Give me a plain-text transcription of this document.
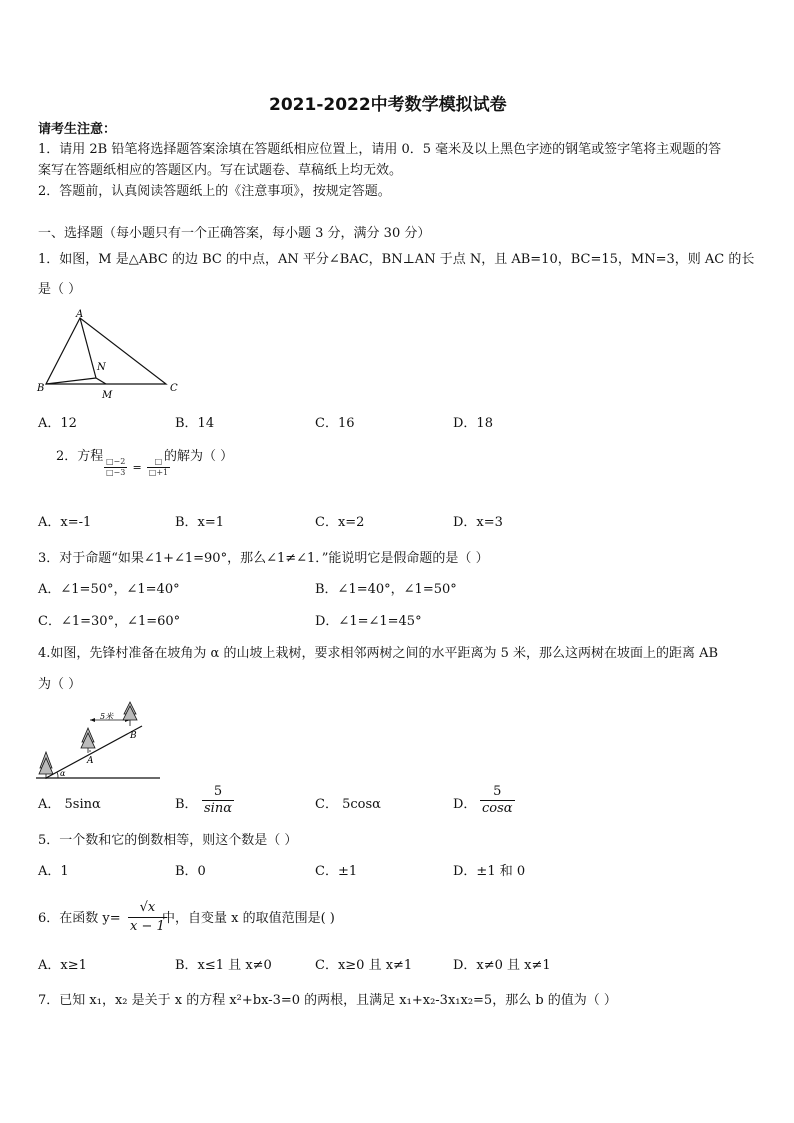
2021-2022中考数学模拟试卷
请考生注意：
1．请用 2B 铅笔将选择题答案涂填在答题纸相应位置上，请用 0．5 毫米及以上黑色字迹的钢笔或签字笔将主观题的答
案写在答题纸相应的答题区内。写在试题卷、草稿纸上均无效。
2．答题前，认真阅读答题纸上的《注意事项》，按规定答题。
一、选择题（每小题只有一个正确答案，每小题 3 分，满分 30 分）
1．如图，M 是△ABC 的边 BC 的中点，AN 平分∠BAC，BN⊥AN 于点 N，且 AB=10，BC=15，MN=3，则 AC 的长
是（ ）
A
B	C
N
M
A．12	B．14	C．16	D．18
2．方程
$\frac{□-2}{□-3} = \frac{□}{□+1}$
的解为（ ）
A．x=-1	B．x=1	C．x=2	D．x=3
3．对于命题“如果∠1+∠1=90°，那么∠1≠∠1．”能说明它是假命题的是（ ）
A．∠1=50°，∠1=40°	B．∠1=40°，∠1=50°
C．∠1=30°，∠1=60°	D．∠1=∠1=45°
4.如图，先锋村准备在坡角为 α 的山坡上栽树，要求相邻两树之间的水平距离为 5 米，那么这两树在坡面上的距离 AB
为（ ）
5米
α
A
B
A． 5sinα	B． $\frac{5}{\sin\alpha}$	C． 5cosα	D． $\frac{5}{\cos\alpha}$
5．一个数和它的倒数相等，则这个数是（ ）
A．1	B．0	C．±1	D．±1 和 0
6．在函数 $y= \frac{√x}{x - 1}$
中，自变量 x 的取值范围是( )
A．x≥1	B．x≤1 且 x≠0	C．x≥0 且 x≠1	D．x≠0 且 x≠1
7．已知 x₁，x₂ 是关于 x 的方程 x²+bx-3=0 的两根，且满足 x₁+x₂-3x₁x₂=5，那么 b 的值为（ ）
